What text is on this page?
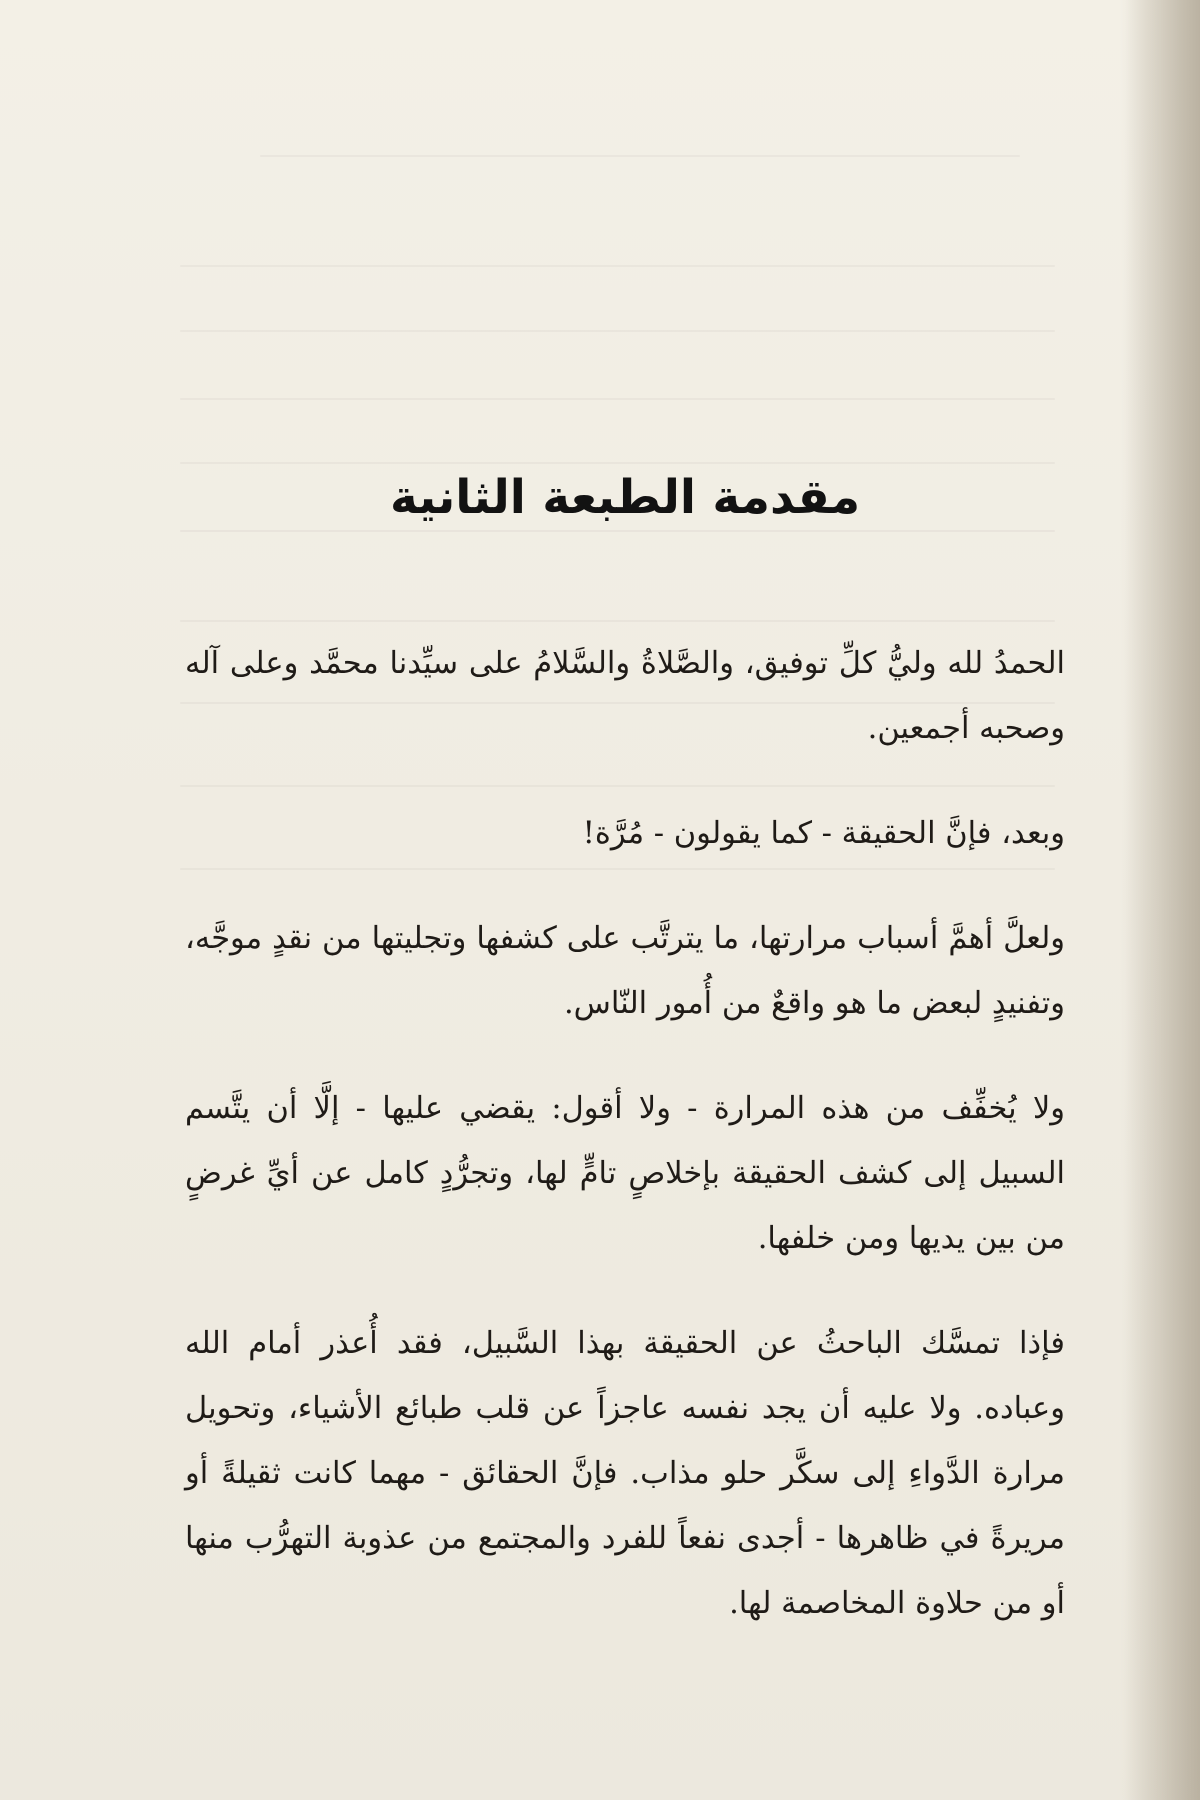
مقدمة الطبعة الثانية

الحمدُ لله وليُّ كلِّ توفيق، والصَّلاةُ والسَّلامُ على سيِّدنا محمَّد وعلى آله وصحبه أجمعين.

وبعد، فإنَّ الحقيقة - كما يقولون - مُرَّة!

ولعلَّ أهمَّ أسباب مرارتها، ما يترتَّب على كشفها وتجليتها من نقدٍ موجَّه، وتفنيدٍ لبعض ما هو واقعٌ من أُمور النّاس.

ولا يُخفِّف من هذه المرارة - ولا أقول: يقضي عليها - إلَّا أن يتَّسم السبيل إلى كشف الحقيقة بإخلاصٍ تامٍّ لها، وتجرُّدٍ كامل عن أيِّ غرضٍ من بين يديها ومن خلفها.

فإذا تمسَّك الباحثُ عن الحقيقة بهذا السَّبيل، فقد أُعذر أمام الله وعباده. ولا عليه أن يجد نفسه عاجزاً عن قلب طبائع الأشياء، وتحويل مرارة الدَّواءِ إلى سكَّر حلو مذاب. فإنَّ الحقائق - مهما كانت ثقيلةً أو مريرةً في ظاهرها - أجدى نفعاً للفرد والمجتمع من عذوبة التهرُّب منها أو من حلاوة المخاصمة لها.
